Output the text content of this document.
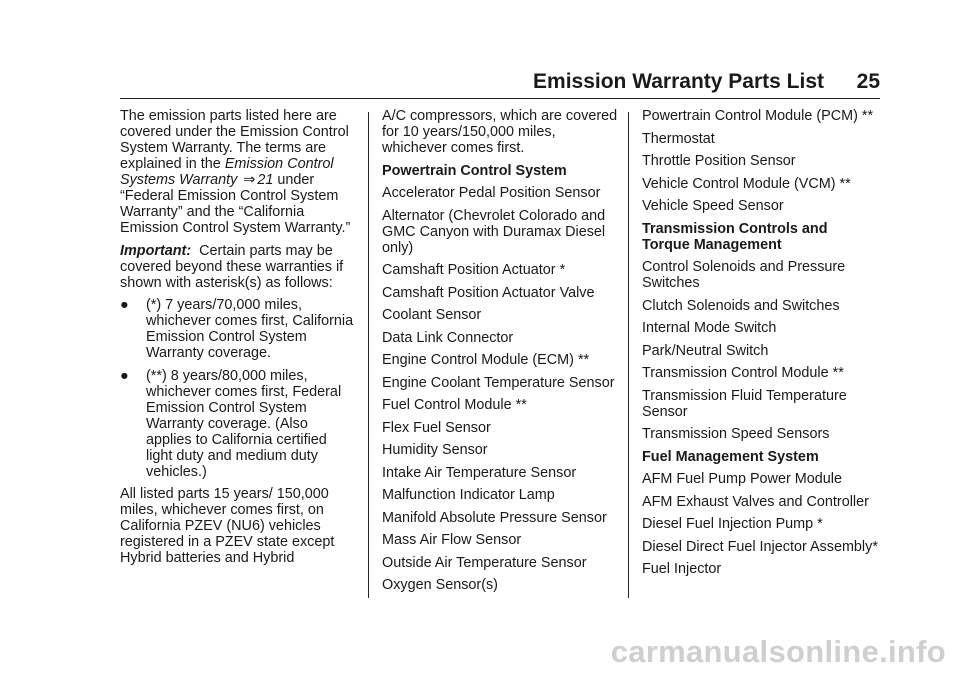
Emission Warranty Parts List 25

The emission parts listed here are covered under the Emission Control System Warranty. The terms are explained in the Emission Control Systems Warranty ⇒ 21 under “Federal Emission Control System Warranty” and the “California Emission Control System Warranty.”

Important: Certain parts may be covered beyond these warranties if shown with asterisk(s) as follows:

●	(*) 7 years/70,000 miles, whichever comes first, California Emission Control System Warranty coverage.
●	(**) 8 years/80,000 miles, whichever comes first, Federal Emission Control System Warranty coverage. (Also applies to California certified light duty and medium duty vehicles.)

All listed parts 15 years/ 150,000 miles, whichever comes first, on California PZEV (NU6) vehicles registered in a PZEV state except Hybrid batteries and Hybrid

A/C compressors, which are covered for 10 years/150,000 miles, whichever comes first.

Powertrain Control System

Accelerator Pedal Position Sensor

Alternator (Chevrolet Colorado and GMC Canyon with Duramax Diesel only)

Camshaft Position Actuator *

Camshaft Position Actuator Valve

Coolant Sensor

Data Link Connector

Engine Control Module (ECM) **

Engine Coolant Temperature Sensor

Fuel Control Module **

Flex Fuel Sensor

Humidity Sensor

Intake Air Temperature Sensor

Malfunction Indicator Lamp

Manifold Absolute Pressure Sensor

Mass Air Flow Sensor

Outside Air Temperature Sensor

Oxygen Sensor(s)

Powertrain Control Module (PCM) **

Thermostat

Throttle Position Sensor

Vehicle Control Module (VCM) **

Vehicle Speed Sensor

Transmission Controls and Torque Management

Control Solenoids and Pressure Switches

Clutch Solenoids and Switches

Internal Mode Switch

Park/Neutral Switch

Transmission Control Module **

Transmission Fluid Temperature Sensor

Transmission Speed Sensors

Fuel Management System

AFM Fuel Pump Power Module

AFM Exhaust Valves and Controller

Diesel Fuel Injection Pump *

Diesel Direct Fuel Injector Assembly*

Fuel Injector

carmanualsonline.info
